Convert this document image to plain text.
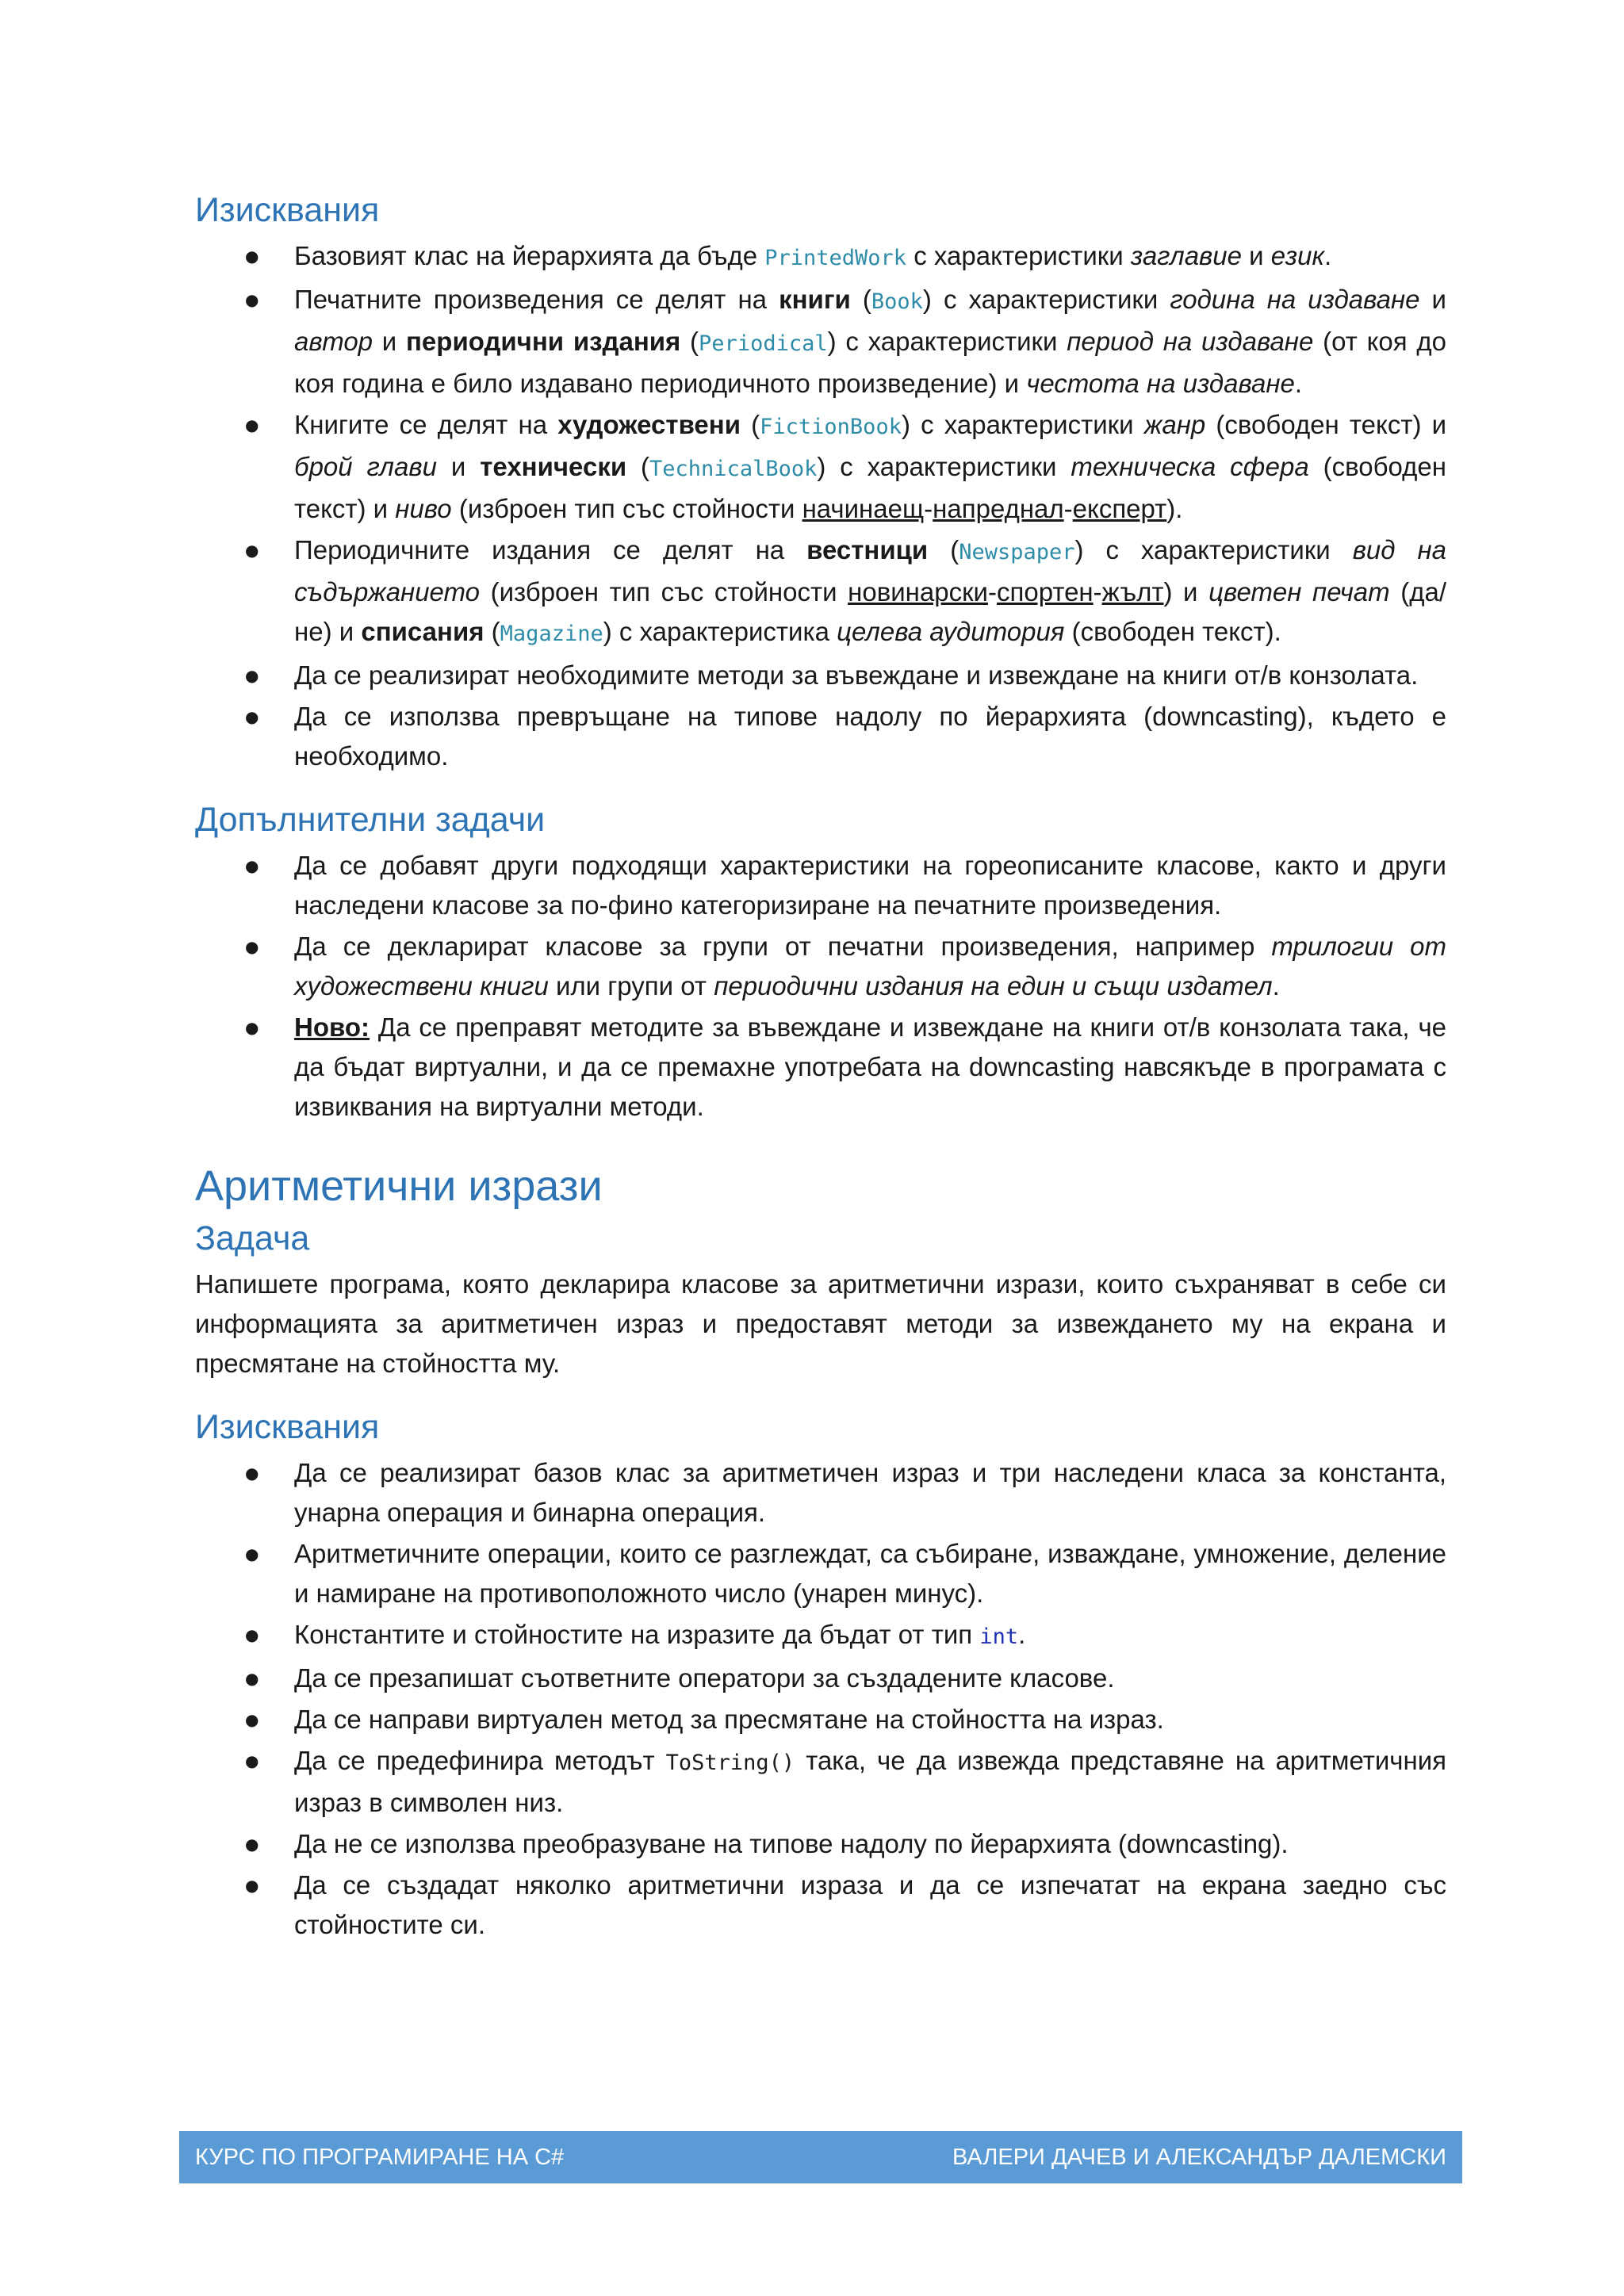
Изисквания
● Базовият клас на йерархията да бъде PrintedWork с характеристики заглавие и език.
● Печатните произведения се делят на книги (Book) с характеристики година на издаване и автор и периодични издания (Periodical) с характеристики период на издаване (от коя до коя година е било издавано периодичното произведение) и честота на издаване.
● Книгите се делят на художествени (FictionBook) с характеристики жанр (свободен текст) и брой глави и технически (TechnicalBook) с характеристики техническа сфера (свободен текст) и ниво (изброен тип със стойности начинаещ-напреднал-експерт).
● Периодичните издания се делят на вестници (Newspaper) с характеристики вид на съдържанието (изброен тип със стойности новинарски-спортен-жълт) и цветен печат (да/не) и списания (Magazine) с характеристика целева аудитория (свободен текст).
● Да се реализират необходимите методи за въвеждане и извеждане на книги от/в конзолата.
● Да се използва превръщане на типове надолу по йерархията (downcasting), където е необходимо.
Допълнителни задачи
● Да се добавят други подходящи характеристики на гореописаните класове, както и други наследени класове за по-фино категоризиране на печатните произведения.
● Да се декларират класове за групи от печатни произведения, например трилогии от художествени книги или групи от периодични издания на един и същи издател.
● Ново: Да се преправят методите за въвеждане и извеждане на книги от/в конзолата така, че да бъдат виртуални, и да се премахне употребата на downcasting навсякъде в програмата с извиквания на виртуални методи.
Аритметични изрази
Задача

Напишете програма, която декларира класове за аритметични изрази, които съхраняват в себе си информацията за аритметичен израз и предоставят методи за извеждането му на екрана и пресмятане на стойността му.

Изисквания
● Да се реализират базов клас за аритметичен израз и три наследени класа за константа, унарна операция и бинарна операция.
● Аритметичните операции, които се разглеждат, са събиране, изваждане, умножение, деление и намиране на противоположното число (унарен минус).
● Константите и стойностите на изразите да бъдат от тип int.
● Да се презапишат съответните оператори за създадените класове.
● Да се направи виртуален метод за пресмятане на стойността на израз.
● Да се предефинира методът ToString() така, че да извежда представяне на аритметичния израз в символен низ.
● Да не се използва преобразуване на типове надолу по йерархията (downcasting).
● Да се създадат няколко аритметични израза и да се изпечатат на екрана заедно със стойностите си.
КУРС ПО ПРОГРАМИРАНЕ НА C#	ВАЛЕРИ ДАЧЕВ И АЛЕКСАНДЪР ДАЛЕМСКИ
